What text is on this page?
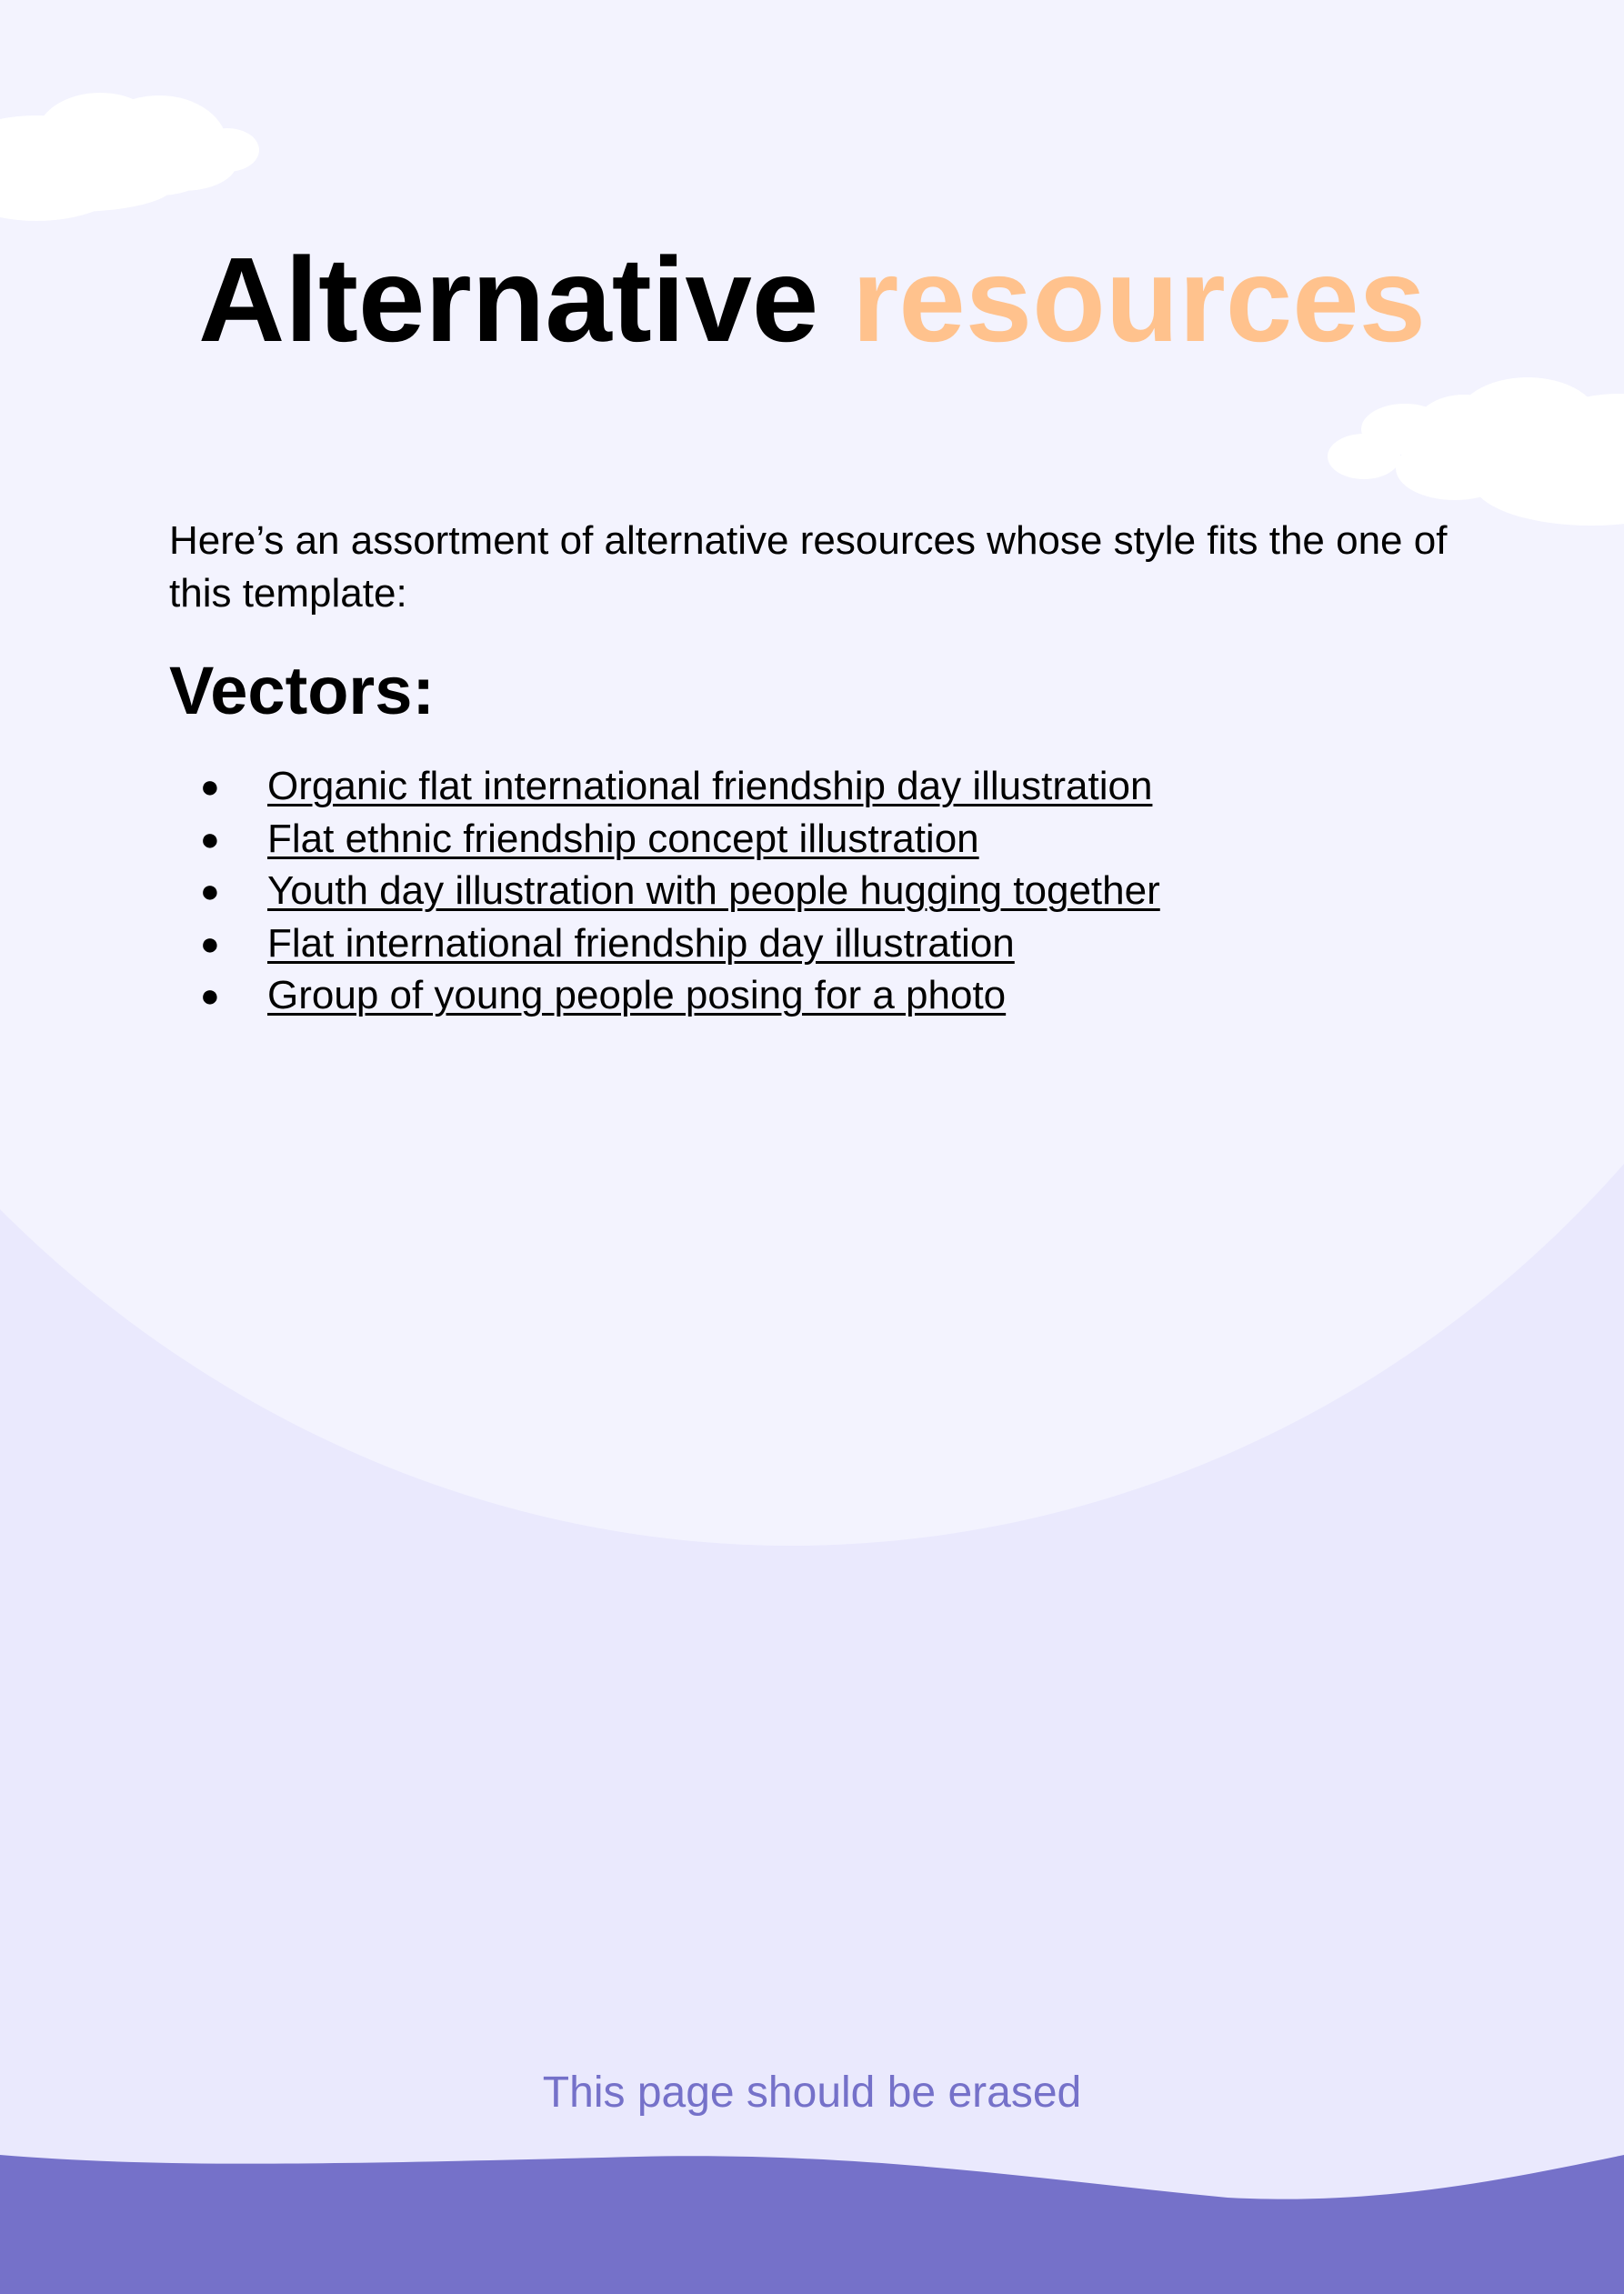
Alternative resources

Here’s an assortment of alternative resources whose style fits the one of this template:

Vectors:
● Organic flat international friendship day illustration
● Flat ethnic friendship concept illustration
● Youth day illustration with people hugging together
● Flat international friendship day illustration
● Group of young people posing for a photo

This page should be erased
